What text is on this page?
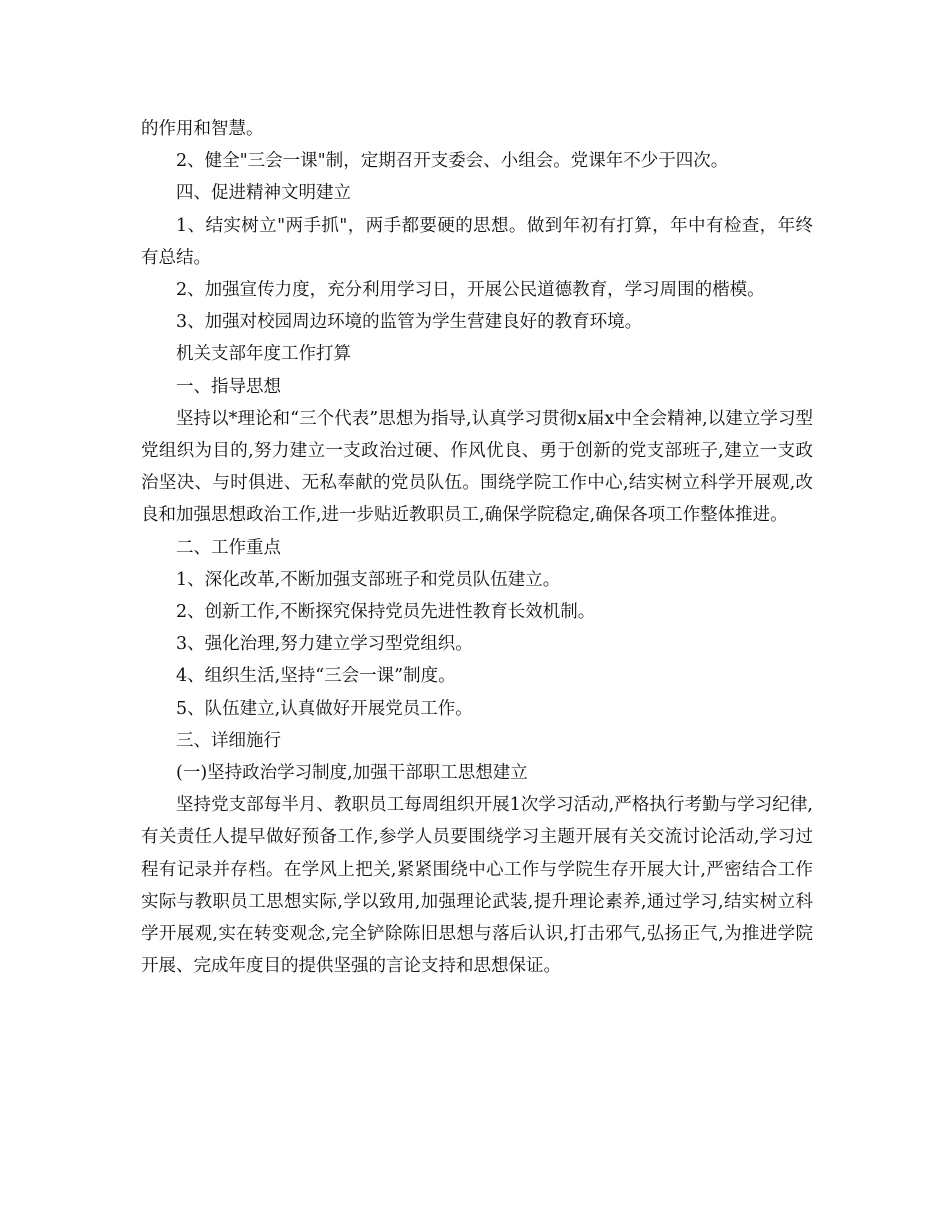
的作用和智慧。

2、健全"三会一课"制，定期召开支委会、小组会。党课年不少于四次。

四、促进精神文明建立

1、结实树立"两手抓"，两手都要硬的思想。做到年初有打算，年中有检查，年终有总结。

2、加强宣传力度，充分利用学习日，开展公民道德教育，学习周围的楷模。

3、加强对校园周边环境的监管为学生营建良好的教育环境。

机关支部年度工作打算

一、指导思想

坚持以*理论和“三个代表”思想为指导,认真学习贯彻x届x中全会精神,以建立学习型党组织为目的,努力建立一支政治过硬、作风优良、勇于创新的党支部班子,建立一支政治坚决、与时俱进、无私奉献的党员队伍。围绕学院工作中心,结实树立科学开展观,改良和加强思想政治工作,进一步贴近教职员工,确保学院稳定,确保各项工作整体推进。

二、工作重点

1、深化改革,不断加强支部班子和党员队伍建立。

2、创新工作,不断探究保持党员先进性教育长效机制。

3、强化治理,努力建立学习型党组织。

4、组织生活,坚持“三会一课”制度。

5、队伍建立,认真做好开展党员工作。

三、详细施行

(一)坚持政治学习制度,加强干部职工思想建立

坚持党支部每半月、教职员工每周组织开展1次学习活动,严格执行考勤与学习纪律,有关责任人提早做好预备工作,参学人员要围绕学习主题开展有关交流讨论活动,学习过程有记录并存档。在学风上把关,紧紧围绕中心工作与学院生存开展大计,严密结合工作实际与教职员工思想实际,学以致用,加强理论武装,提升理论素养,通过学习,结实树立科学开展观,实在转变观念,完全铲除陈旧思想与落后认识,打击邪气,弘扬正气,为推进学院开展、完成年度目的提供坚强的言论支持和思想保证。
